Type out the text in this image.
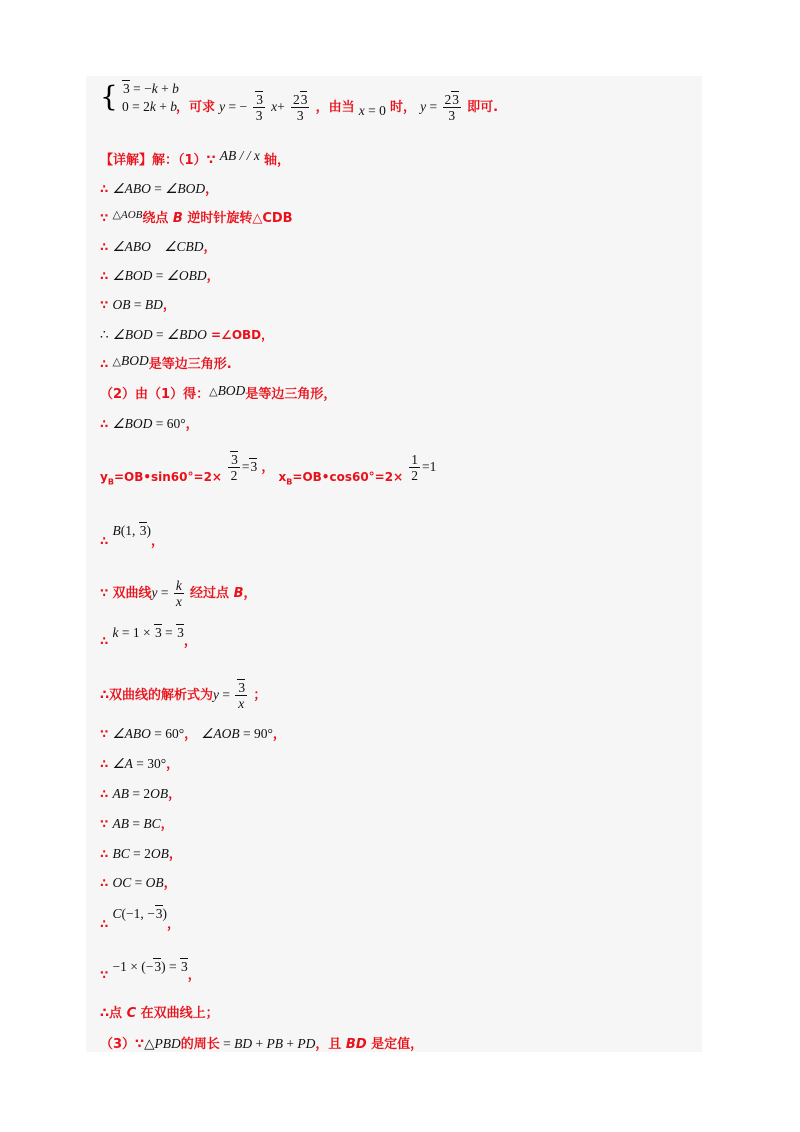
{ 3 = −k + b
0 = 2k + b ，可求 y = − $\frac{3}{3} x+ \frac{23}{3}$ ，由当 x = 0 时， $y = \frac{23}{3}$ 即可.
【详解】解：（1）∵ AB / / x 轴，
∴ ∠ABO = ∠BOD，
∵ $^{\triangle AOB}$绕点 B 逆时针旋转△CDB
∴ ∠ABO ∠CBD，
∴ ∠BOD = ∠OBD，
∵ OB = BD，
∴ ∠BOD = ∠BDO =∠OBD，
∴ $^{\triangle BOD}$是等边三角形.
（2）由（1）得：$^{\triangle BOD}$是等边三角形，
∴ ∠BOD = 60°，
$y_B=OB•\sin 60^\circ=2\times \frac{3}{2} =3$ ， $x_B=OB•\cos 60^\circ=2\times \frac{1}{2} =1$
∴ B(1, 3)，
∵ 双曲线$y = \frac{k}{x}$ 经过点 B，
∴ k = 1 × 3 = 3，
∴双曲线的解析式为$y = \frac{3}{x}$ ；
∵ ∠ABO = 60°， ∠AOB = 90°，
∴ ∠A = 30°，
∴ AB = 2OB，
∵ AB = BC，
∴ BC = 2OB，
∴ OC = OB，
∴ C(−1, −3)，
∵ −1 × (−3) = 3，
∴点 C 在双曲线上；
（3）∵△PBD的周长 = BD + PB + PD，且 BD 是定值，
